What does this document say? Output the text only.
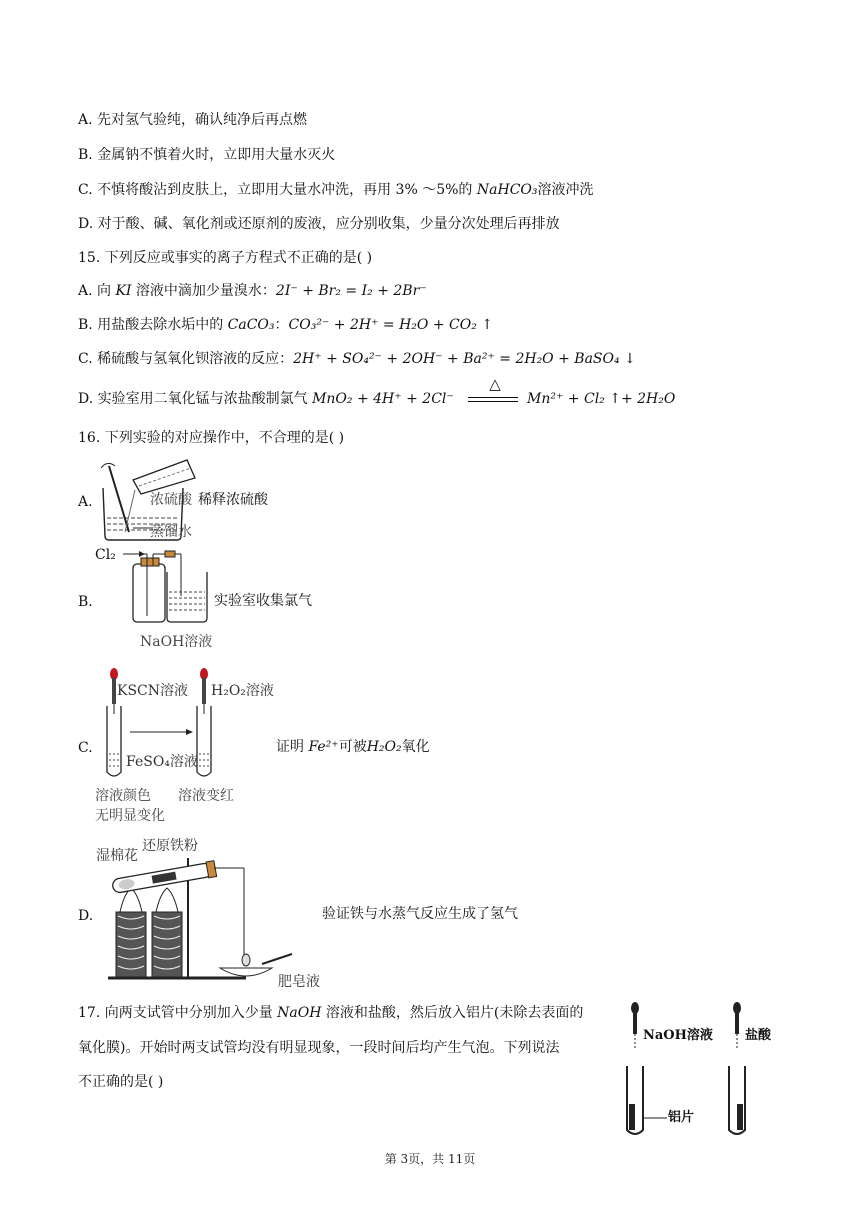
A. 先对氢气验纯，确认纯净后再点燃
B. 金属钠不慎着火时，立即用大量水灭火
C. 不慎将酸沾到皮肤上，立即用大量水冲洗，再用 3% ～5%的 NaHCO₃溶液冲洗
D. 对于酸、碱、氧化剂或还原剂的废液，应分别收集，少量分次处理后再排放
15. 下列反应或事实的离子方程式不正确的是( )
A. 向 KI 溶液中滴加少量溴水：2I⁻ + Br₂ = I₂ + 2Br⁻
B. 用盐酸去除水垢中的 CaCO₃：CO₃²⁻ + 2H⁺ = H₂O + CO₂ ↑
C. 稀硫酸与氢氧化钡溶液的反应：2H⁺ + SO₄²⁻ + 2OH⁻ + Ba²⁺ = 2H₂O + BaSO₄ ↓
D. 实验室用二氧化锰与浓盐酸制氯气 MnO₂ + 4H⁺ + 2Cl⁻
△
Mn²⁺ + Cl₂ ↑+ 2H₂O
16. 下列实验的对应操作中，不合理的是( )
A.	浓硫酸 稀释浓硫酸
蒸馏水
B.
Cl₂
实验室收集氯气
NaOH溶液
C.
KSCN溶液 H₂O₂溶液
FeSO₄溶液
溶液颜色 溶液变红
无明显变化
证明 Fe²⁺可被H₂O₂氧化
D.
湿棉花
还原铁粉
验证铁与水蒸气反应生成了氢气
肥皂液
17. 向两支试管中分别加入少量 NaOH 溶液和盐酸，然后放入铝片(未除去表面的
氧化膜)。开始时两支试管均没有明显现象，一段时间后均产生气泡。下列说法
不正确的是( )
NaOH溶液 盐酸
铝片
第 3页，共 11页
